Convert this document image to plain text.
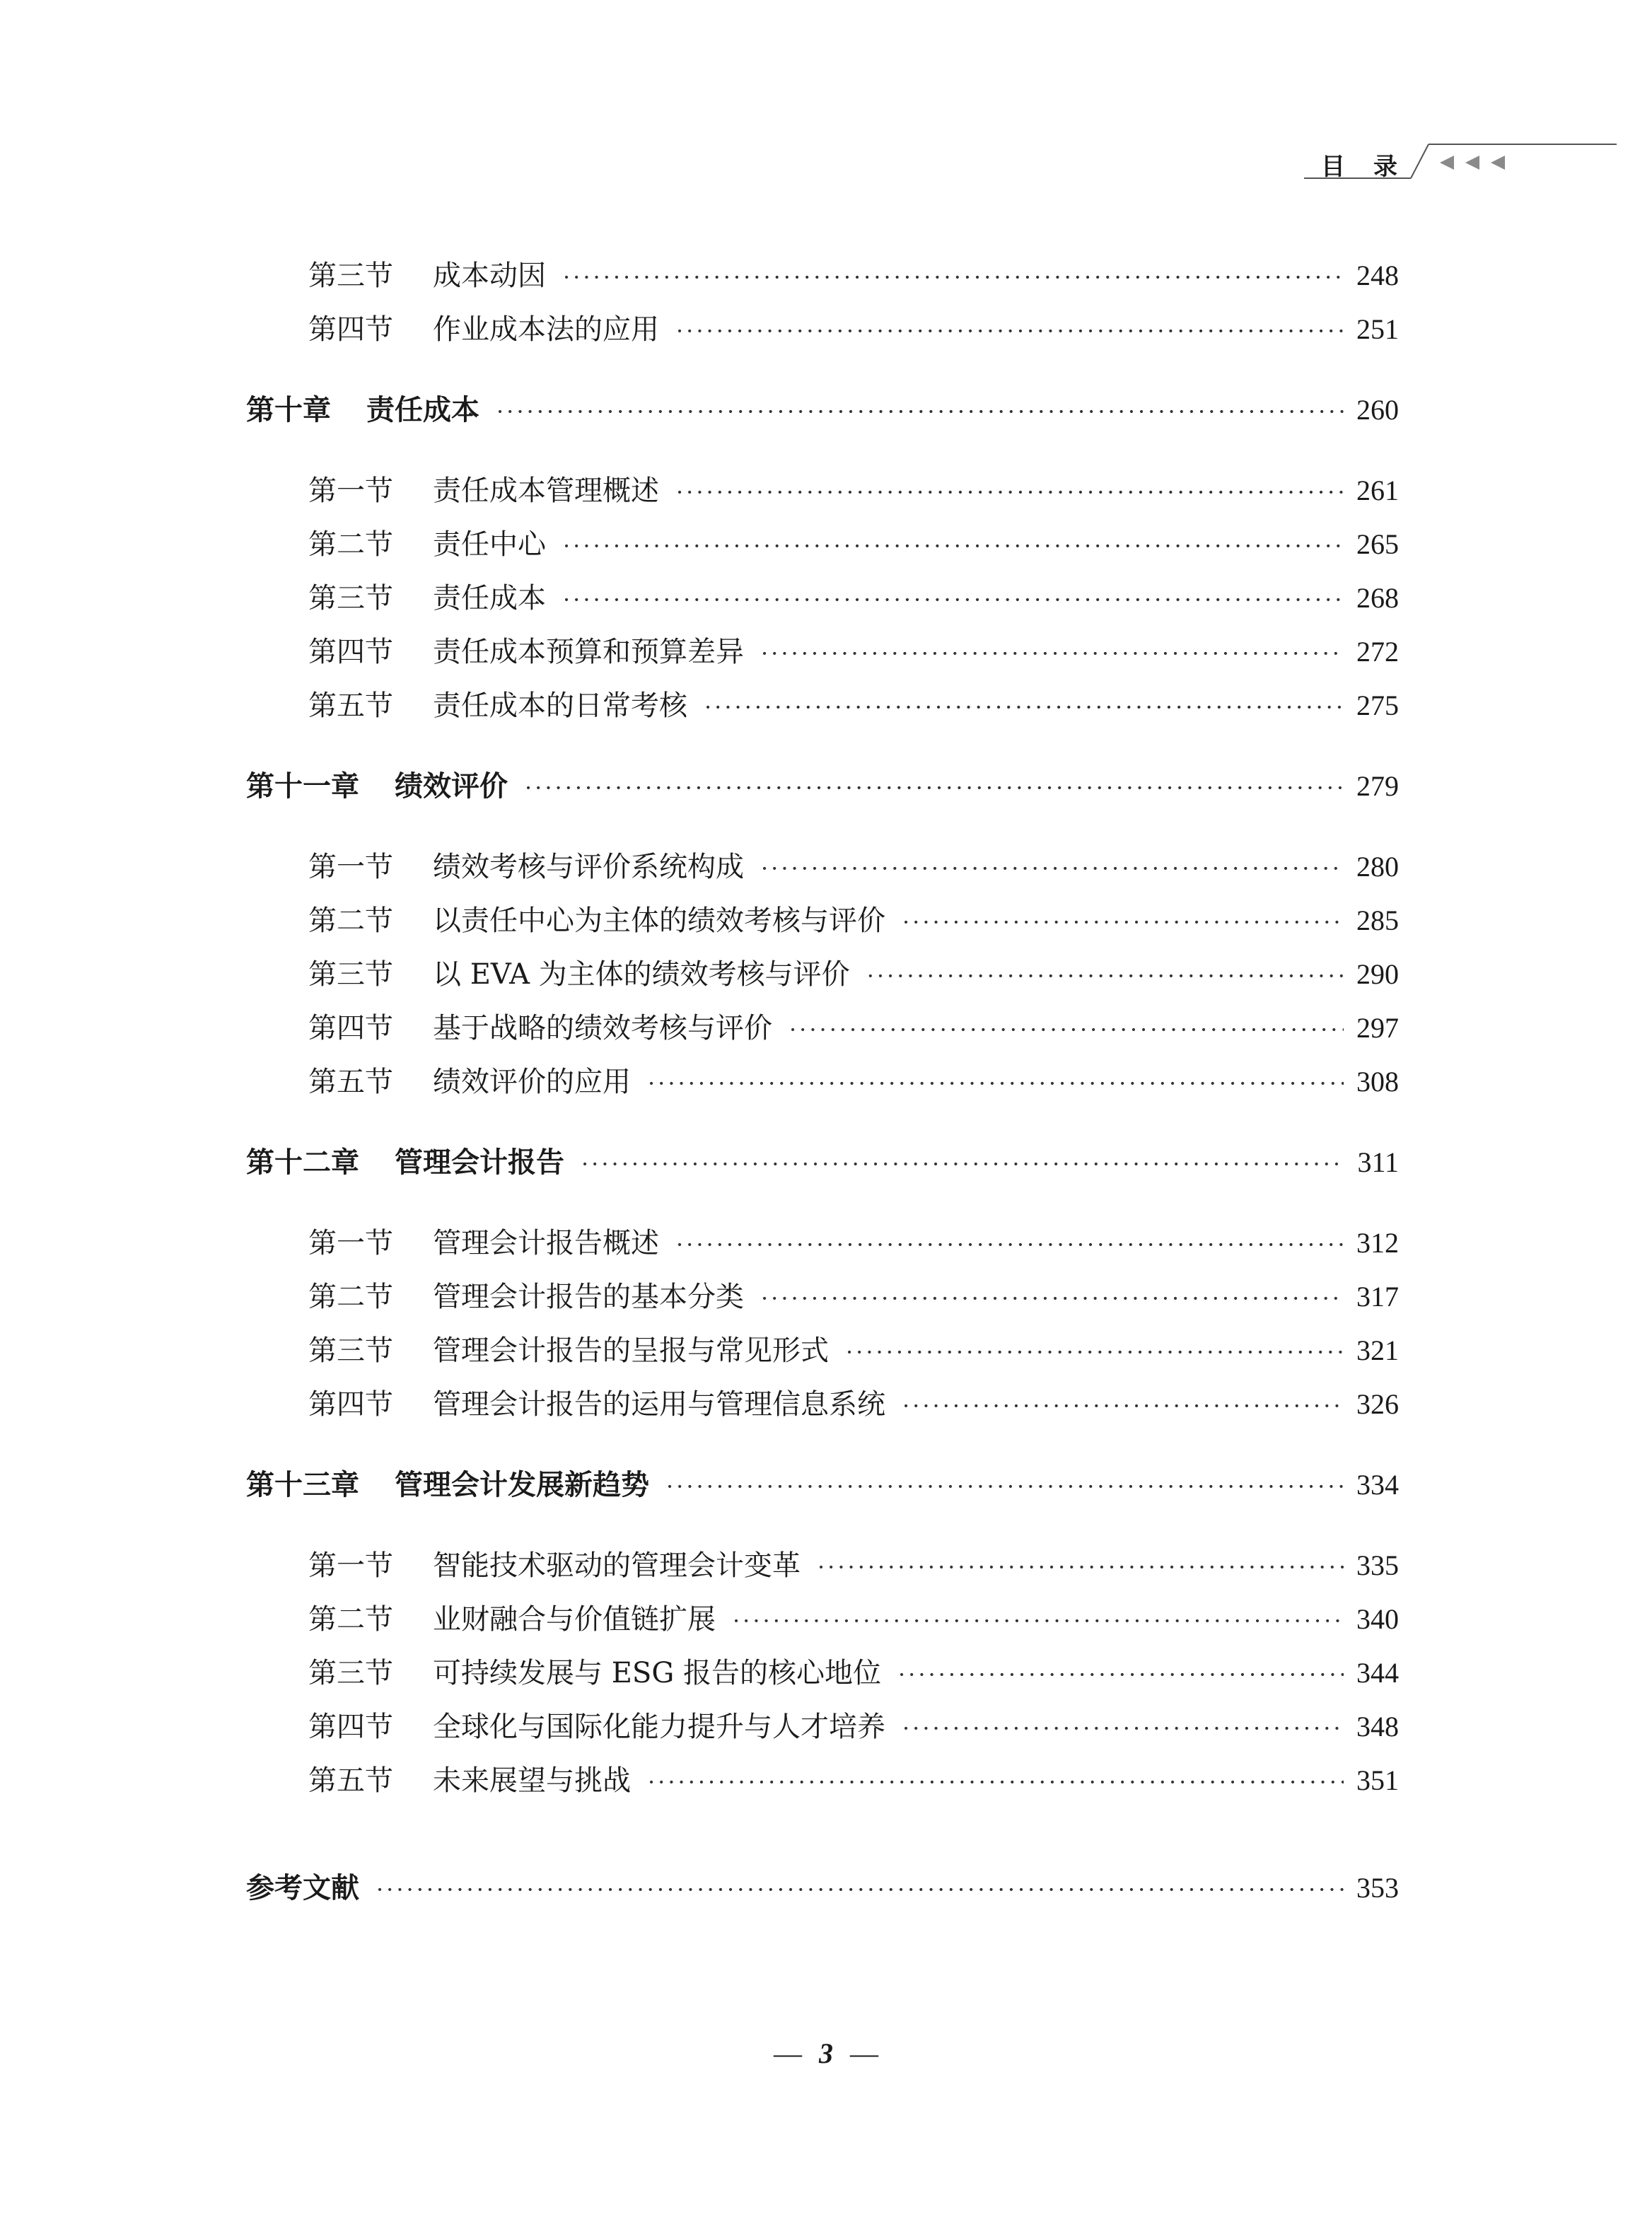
目录
第三节	成本动因 ·····	248
第四节	作业成本法的应用 ·····	251
第十章 责任成本 ·····	260
第一节	责任成本管理概述 ·····	261
第二节	责任中心 ·····	265
第三节	责任成本 ·····	268
第四节	责任成本预算和预算差异 ·····	272
第五节	责任成本的日常考核 ·····	275
第十一章 绩效评价 ·····	279
第一节	绩效考核与评价系统构成 ·····	280
第二节	以责任中心为主体的绩效考核与评价 ·····	285
第三节	以 EVA 为主体的绩效考核与评价 ·····	290
第四节	基于战略的绩效考核与评价 ·····	297
第五节	绩效评价的应用 ·····	308
第十二章 管理会计报告 ·····	311
第一节	管理会计报告概述 ·····	312
第二节	管理会计报告的基本分类 ·····	317
第三节	管理会计报告的呈报与常见形式 ·····	321
第四节	管理会计报告的运用与管理信息系统 ·····	326
第十三章 管理会计发展新趋势 ·····	334
第一节	智能技术驱动的管理会计变革 ·····	335
第二节	业财融合与价值链扩展 ·····	340
第三节	可持续发展与 ESG 报告的核心地位 ·····	344
第四节	全球化与国际化能力提升与人才培养 ·····	348
第五节	未来展望与挑战 ·····	351
参考文献 ·····	353
— 3 —
